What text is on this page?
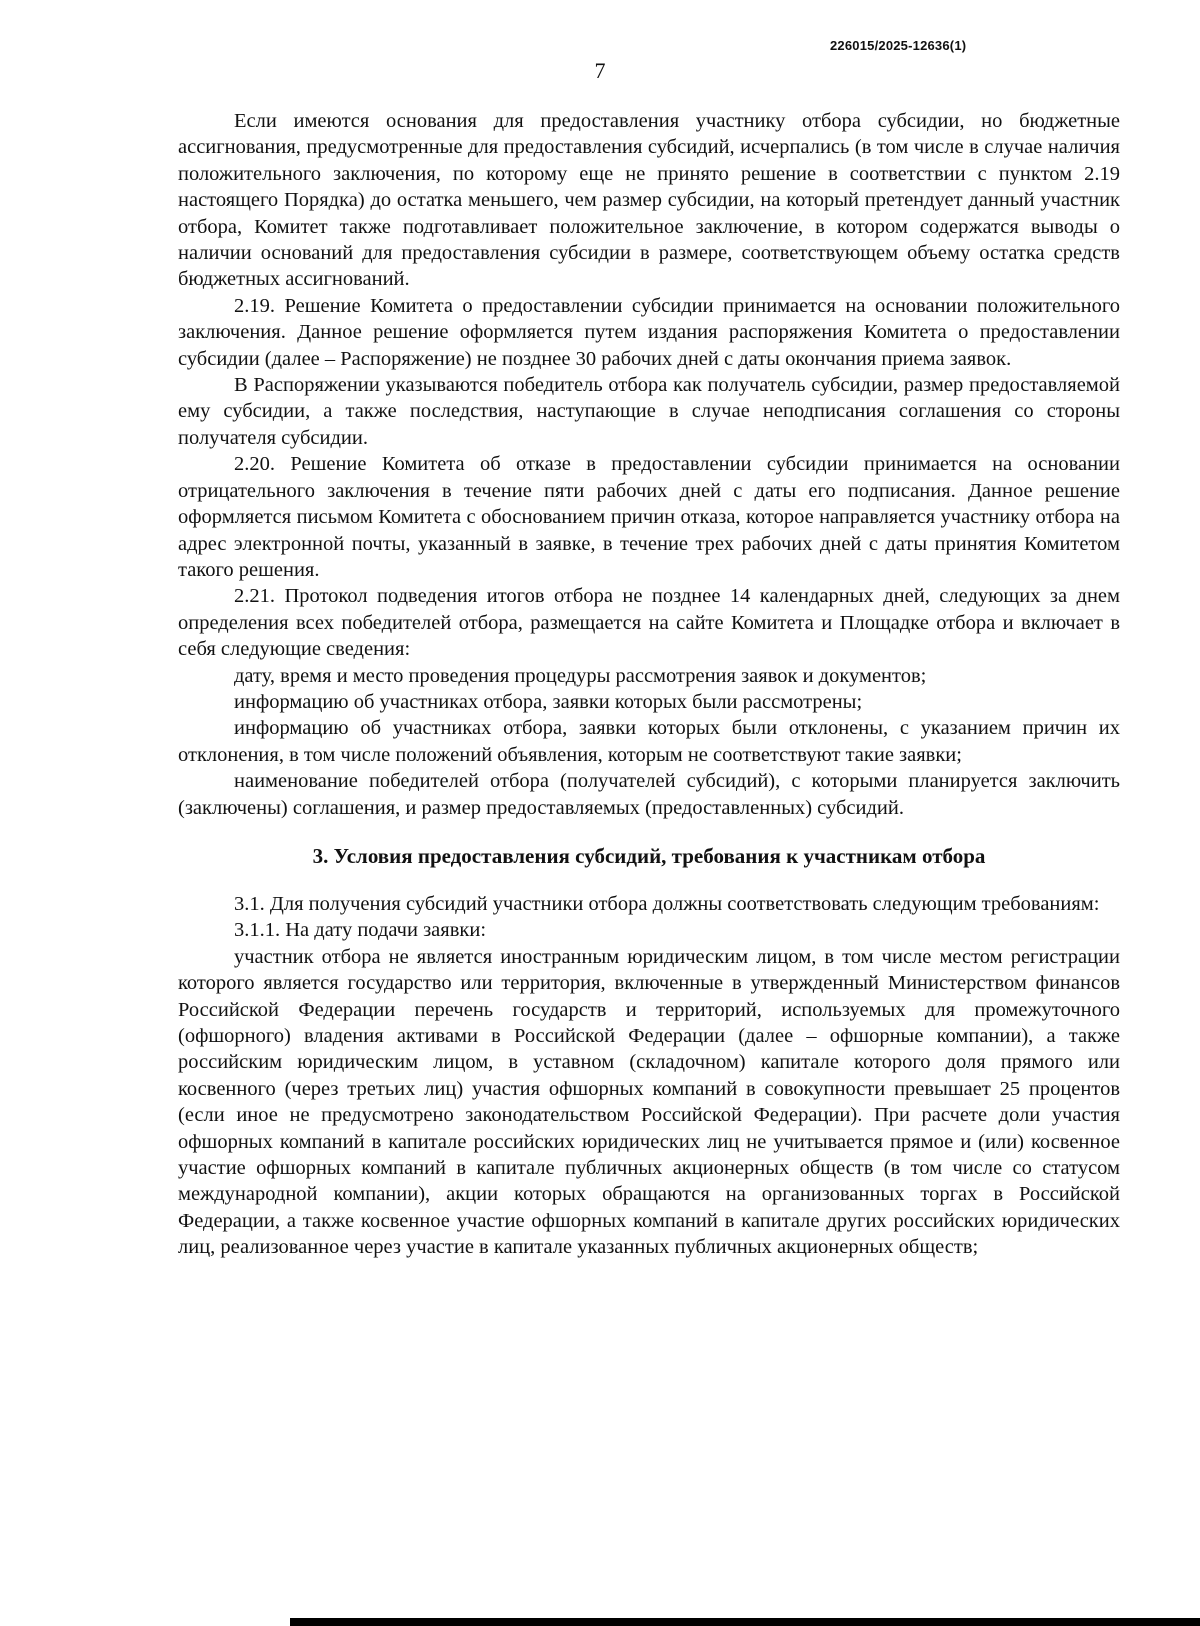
226015/2025-12636(1)
7

Если имеются основания для предоставления участнику отбора субсидии, но бюджетные ассигнования, предусмотренные для предоставления субсидий, исчерпались (в том числе в случае наличия положительного заключения, по которому еще не принято решение в соответствии с пунктом 2.19 настоящего Порядка) до остатка меньшего, чем размер субсидии, на который претендует данный участник отбора, Комитет также подготавливает положительное заключение, в котором содержатся выводы о наличии оснований для предоставления субсидии в размере, соответствующем объему остатка средств бюджетных ассигнований.

2.19. Решение Комитета о предоставлении субсидии принимается на основании положительного заключения. Данное решение оформляется путем издания распоряжения Комитета о предоставлении субсидии (далее – Распоряжение) не позднее 30 рабочих дней с даты окончания приема заявок.

В Распоряжении указываются победитель отбора как получатель субсидии, размер предоставляемой ему субсидии, а также последствия, наступающие в случае неподписания соглашения со стороны получателя субсидии.

2.20. Решение Комитета об отказе в предоставлении субсидии принимается на основании отрицательного заключения в течение пяти рабочих дней с даты его подписания. Данное решение оформляется письмом Комитета с обоснованием причин отказа, которое направляется участнику отбора на адрес электронной почты, указанный в заявке, в течение трех рабочих дней с даты принятия Комитетом такого решения.

2.21. Протокол подведения итогов отбора не позднее 14 календарных дней, следующих за днем определения всех победителей отбора, размещается на сайте Комитета и Площадке отбора и включает в себя следующие сведения:

дату, время и место проведения процедуры рассмотрения заявок и документов;

информацию об участниках отбора, заявки которых были рассмотрены;

информацию об участниках отбора, заявки которых были отклонены, с указанием причин их отклонения, в том числе положений объявления, которым не соответствуют такие заявки;

наименование победителей отбора (получателей субсидий), с которыми планируется заключить (заключены) соглашения, и размер предоставляемых (предоставленных) субсидий.

3. Условия предоставления субсидий, требования к участникам отбора

3.1. Для получения субсидий участники отбора должны соответствовать следующим требованиям:

3.1.1. На дату подачи заявки:

участник отбора не является иностранным юридическим лицом, в том числе местом регистрации которого является государство или территория, включенные в утвержденный Министерством финансов Российской Федерации перечень государств и территорий, используемых для промежуточного (офшорного) владения активами в Российской Федерации (далее – офшорные компании), а также российским юридическим лицом, в уставном (складочном) капитале которого доля прямого или косвенного (через третьих лиц) участия офшорных компаний в совокупности превышает 25 процентов (если иное не предусмотрено законодательством Российской Федерации). При расчете доли участия офшорных компаний в капитале российских юридических лиц не учитывается прямое и (или) косвенное участие офшорных компаний в капитале публичных акционерных обществ (в том числе со статусом международной компании), акции которых обращаются на организованных торгах в Российской Федерации, а также косвенное участие офшорных компаний в капитале других российских юридических лиц, реализованное через участие в капитале указанных публичных акционерных обществ;
